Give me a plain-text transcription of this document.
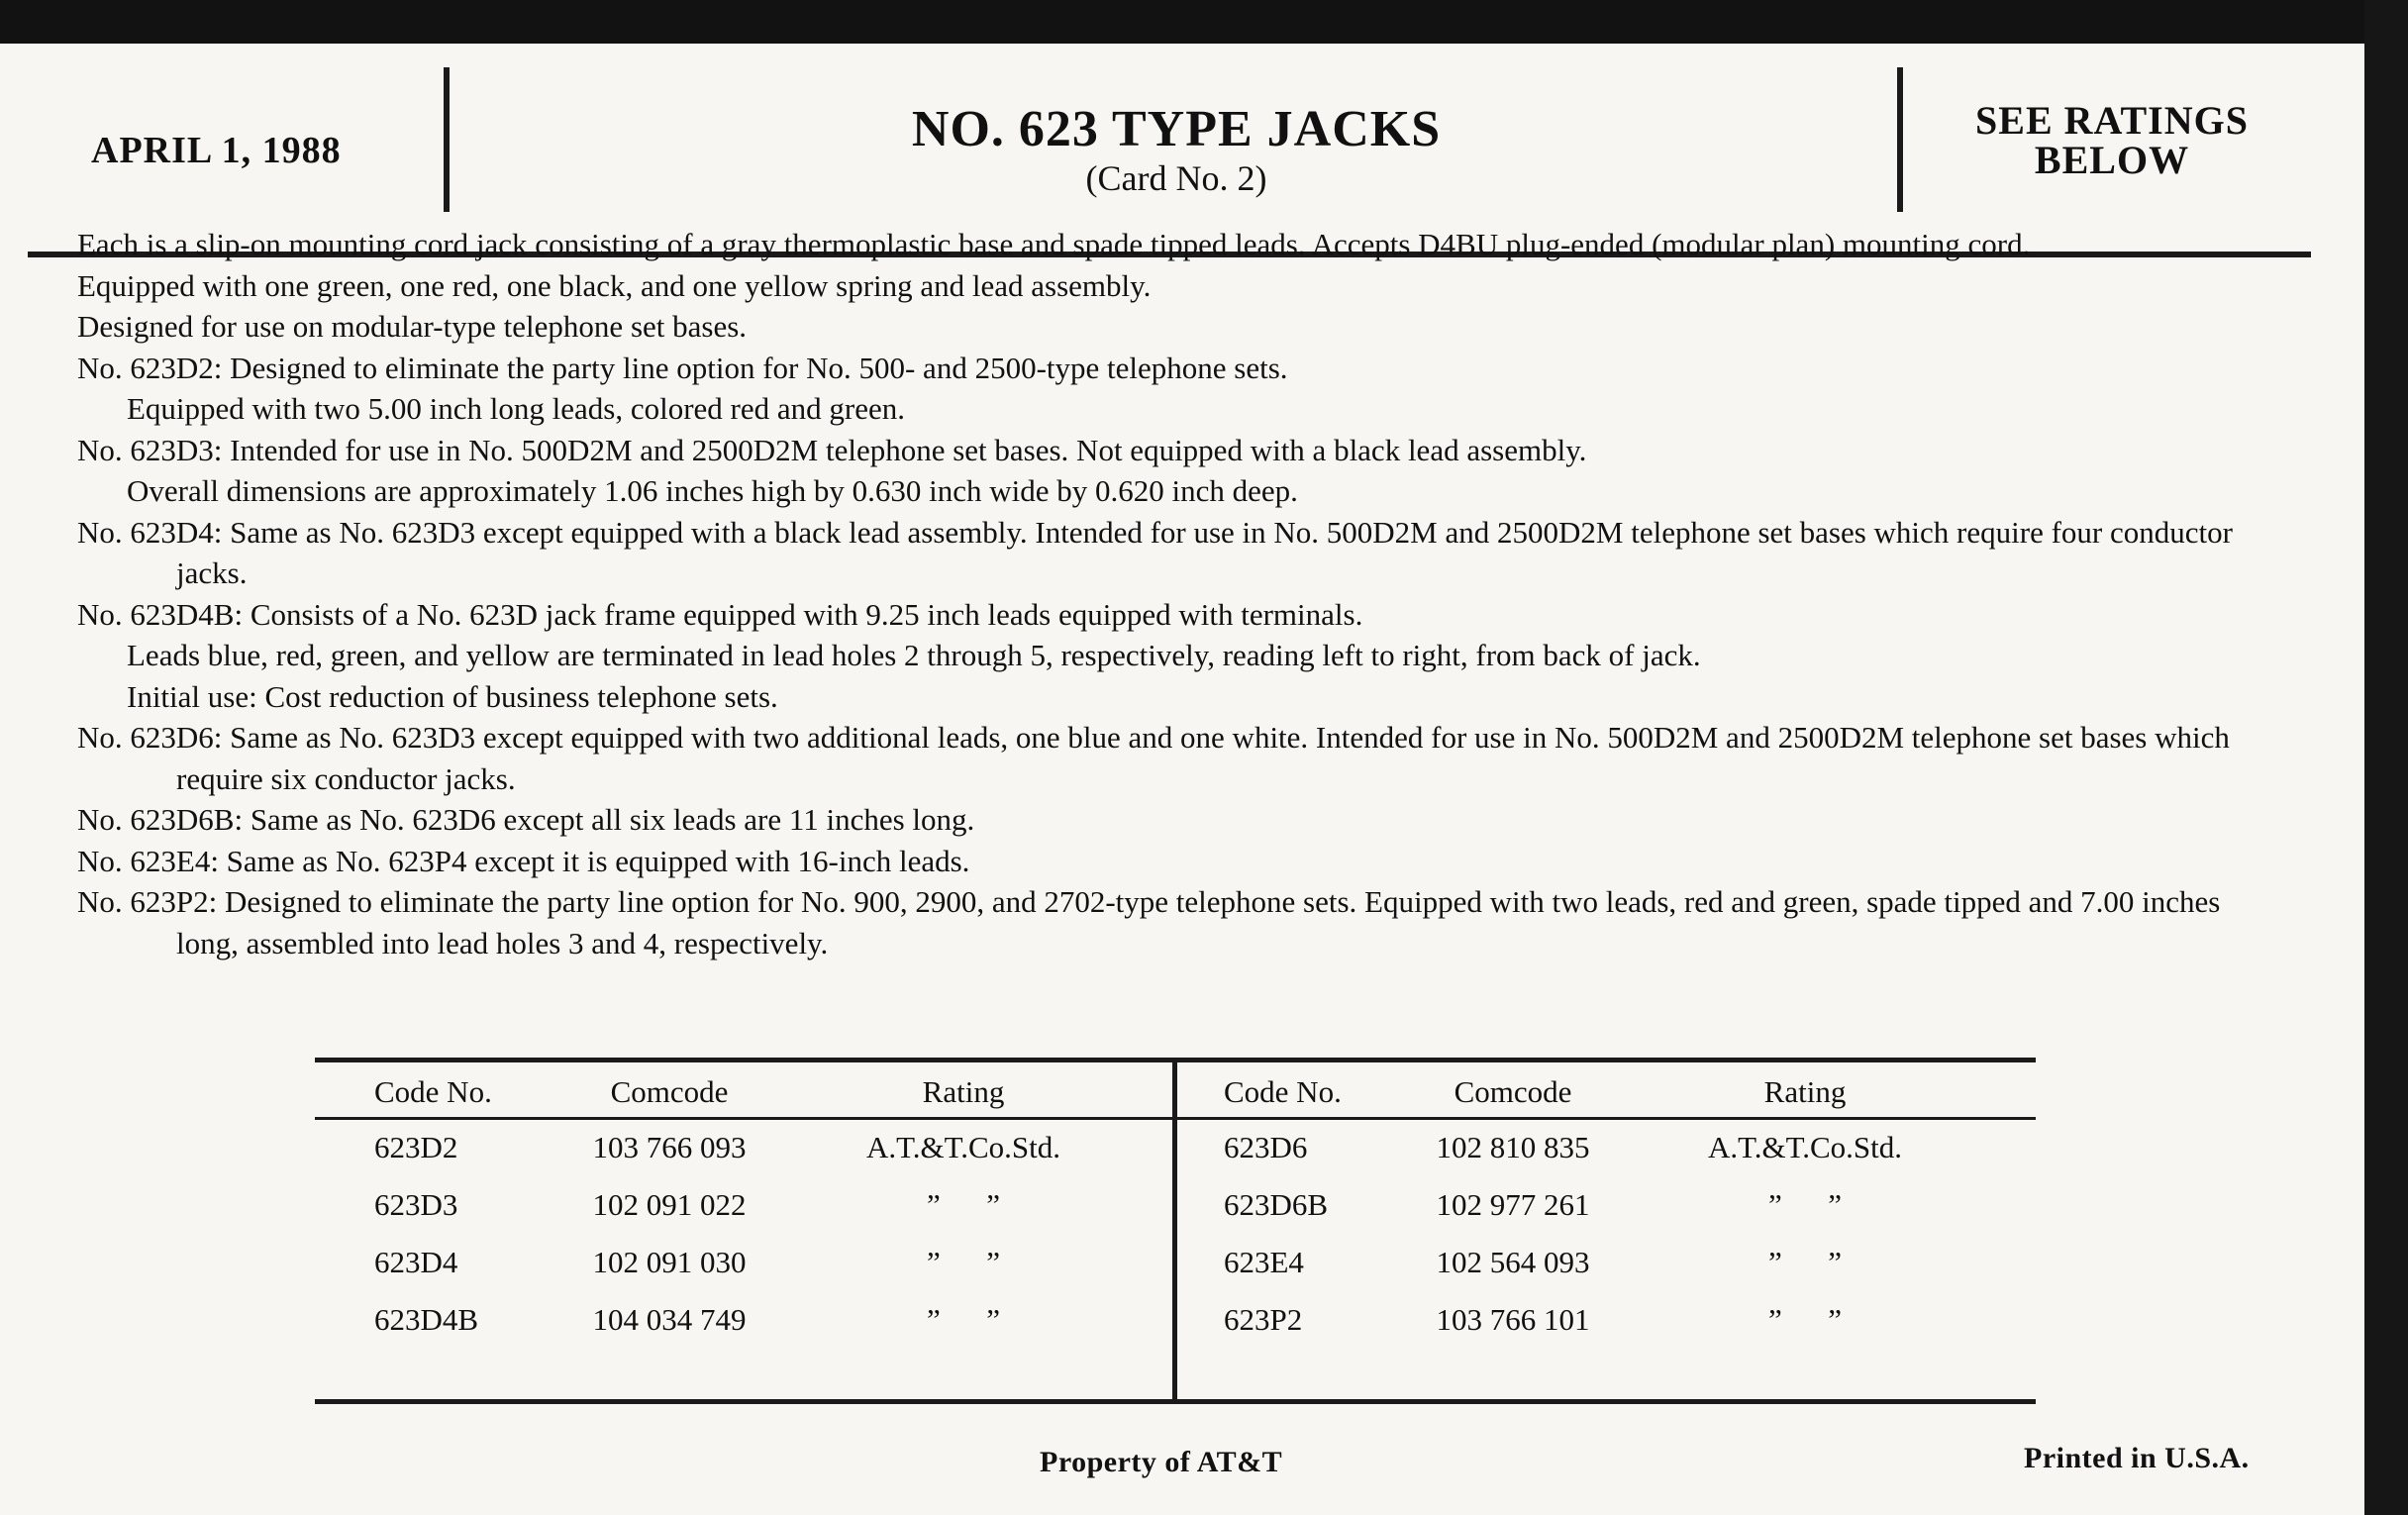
APRIL 1, 1988	NO. 623 TYPE JACKS
(Card No. 2)
SEE RATINGS
BELOW

Each is a slip-on mounting cord jack consisting of a gray thermoplastic base and spade tipped leads. Accepts D4BU plug-ended (modular plan) mounting cord.

Equipped with one green, one red, one black, and one yellow spring and lead assembly.

Designed for use on modular-type telephone set bases.

No. 623D2: Designed to eliminate the party line option for No. 500- and 2500-type telephone sets.

Equipped with two 5.00 inch long leads, colored red and green.

No. 623D3: Intended for use in No. 500D2M and 2500D2M telephone set bases. Not equipped with a black lead assembly.

Overall dimensions are approximately 1.06 inches high by 0.630 inch wide by 0.620 inch deep.

No. 623D4: Same as No. 623D3 except equipped with a black lead assembly. Intended for use in No. 500D2M and 2500D2M telephone set bases which require four conductor jacks.

No. 623D4B: Consists of a No. 623D jack frame equipped with 9.25 inch leads equipped with terminals.

Leads blue, red, green, and yellow are terminated in lead holes 2 through 5, respectively, reading left to right, from back of jack.

Initial use: Cost reduction of business telephone sets.

No. 623D6: Same as No. 623D3 except equipped with two additional leads, one blue and one white. Intended for use in No. 500D2M and 2500D2M telephone set bases which require six conductor jacks.

No. 623D6B: Same as No. 623D6 except all six leads are 11 inches long.

No. 623E4: Same as No. 623P4 except it is equipped with 16-inch leads.

No. 623P2: Designed to eliminate the party line option for No. 900, 2900, and 2702-type telephone sets. Equipped with two leads, red and green, spade tipped and 7.00 inches long, assembled into lead holes 3 and 4, respectively.

Code No.	Comcode	Rating	Code No.	Comcode	Rating
623D2	103 766 093	A.T.&T.Co.Std.	623D6	102 810 835	A.T.&T.Co.Std.
623D3	102 091 022	”      ”	623D6B	102 977 261	”      ”
623D4	102 091 030	”      ”	623E4	102 564 093	”      ”
623D4B	104 034 749	”      ”	623P2	103 766 101	”      ”
Property of AT&T	Printed in U.S.A.
